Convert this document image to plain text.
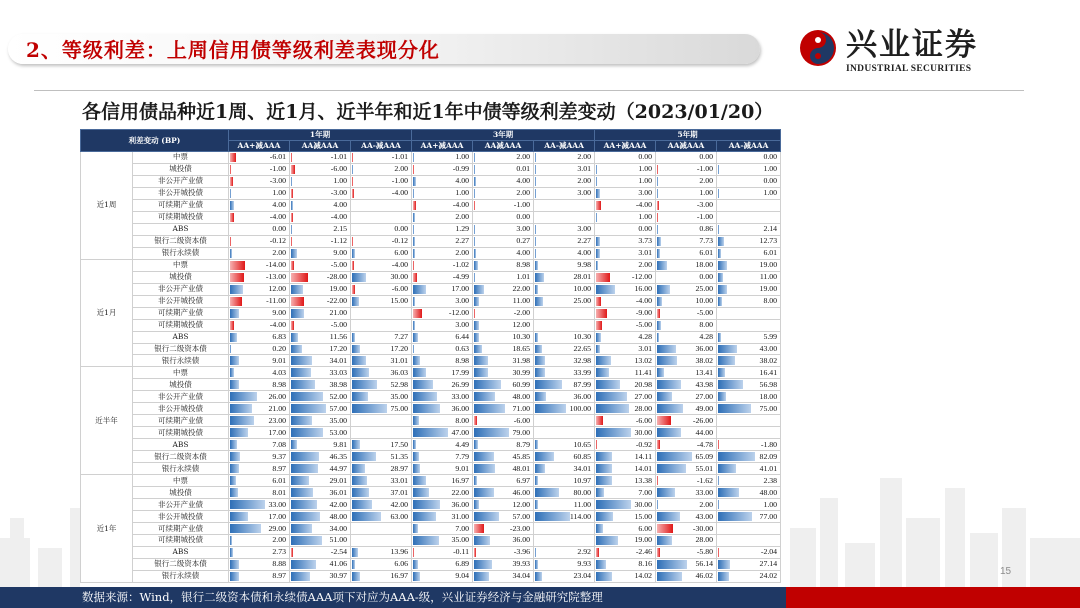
2、等级利差：上周信用债等级利差表现分化	兴业证券
INDUSTRIAL SECURITIES
各信用债品种近1周、近1月、近半年和近1年中债等级利差变动（2023/01/20）
利差变动 (BP)		1年期			3年期			5年期		
		AA+减AAA	AA减AAA	AA-减AAA	AA+减AAA	AA减AAA	AA-减AAA	AA+减AAA	AA减AAA	AA-减AAA
近1周	中票	-6.01	-1.01	-1.01	1.00	2.00	2.00	0.00	0.00	0.00

	城投债	-1.00	-6.00	2.00	-0.99	0.01	3.01	1.00	-1.00	1.00

	非公开产业债	-3.00	1.00	-1.00	4.00	4.00	2.00	1.00	2.00	0.00

	非公开城投债	1.00	-3.00	-4.00	1.00	2.00	3.00	3.00	1.00	1.00

	可续期产业债	4.00	4.00		-4.00	-1.00		-4.00	-3.00	

	可续期城投债	-4.00	-4.00		2.00	0.00		1.00	-1.00	

	ABS	0.00	2.15	0.00	1.29	3.00	3.00	0.00	0.86	2.14

	银行二级资本债	-0.12	-1.12	-0.12	2.27	0.27	2.27	3.73	7.73	12.73

	银行永续债	2.00	9.00	6.00	2.00	4.00	4.00	3.01	6.01	6.01

近1月	中票	-14.00	-5.00	-4.00	-1.02	8.98	9.98	2.00	18.00	19.00

	城投债	-13.00	-28.00	30.00	-4.99	1.01	28.01	-12.00	0.00	11.00

	非公开产业债	12.00	19.00	-6.00	17.00	22.00	10.00	16.00	25.00	19.00

	非公开城投债	-11.00	-22.00	15.00	3.00	11.00	25.00	-4.00	10.00	8.00

	可续期产业债	9.00	21.00		-12.00	-2.00		-9.00	-5.00	

	可续期城投债	-4.00	-5.00		3.00	12.00		-5.00	8.00	

	ABS	6.83	11.56	7.27	6.44	10.30	10.30	4.28	4.28	5.99

	银行二级资本债	0.20	17.20	17.20	0.63	18.65	22.65	3.01	36.00	43.00

	银行永续债	9.01	34.01	31.01	8.98	31.98	32.98	13.02	38.02	38.02

近半年	中票	4.03	33.03	36.03	17.99	30.99	33.99	11.41	13.41	16.41

	城投债	8.98	38.98	52.98	26.99	60.99	87.99	20.98	43.98	56.98

	非公开产业债	26.00	52.00	35.00	33.00	48.00	36.00	27.00	27.00	18.00

	非公开城投债	21.00	57.00	75.00	36.00	71.00	100.00	28.00	49.00	75.00

	可续期产业债	23.00	35.00		8.00	-6.00		-6.00	-26.00	

	可续期城投债	17.00	53.00		47.00	79.00		30.00	44.00	

	ABS	7.08	9.81	17.50	4.49	8.79	10.65	-0.92	-4.78	-1.80

	银行二级资本债	9.37	46.35	51.35	7.79	45.85	60.85	14.11	65.09	82.09

	银行永续债	8.97	44.97	28.97	9.01	48.01	34.01	14.01	55.01	41.01

近1年	中票	6.01	29.01	33.01	16.97	6.97	10.97	13.38	-1.62	2.38

	城投债	8.01	36.01	37.01	22.00	46.00	80.00	7.00	33.00	48.00

	非公开产业债	33.00	42.00	42.00	36.00	12.00	11.00	30.00	2.00	1.00

	非公开城投债	17.00	48.00	63.00	31.00	57.00	114.00	15.00	43.00	77.00

	可续期产业债	29.00	34.00		7.00	-23.00		6.00	-30.00	

	可续期城投债	2.00	51.00		35.00	36.00		19.00	28.00	

	ABS	2.73	-2.54	13.96	-0.11	-3.96	2.92	-2.46	-5.80	-2.04

	银行二级资本债	8.88	41.06	6.06	6.89	39.93	9.93	8.16	56.14	27.14

	银行永续债	8.97	30.97	16.97	9.04	34.04	23.04	14.02	46.02	24.02	15
数据来源：Wind，银行二级资本债和永续债AAA项下对应为AAA-级，兴业证券经济与金融研究院整理
